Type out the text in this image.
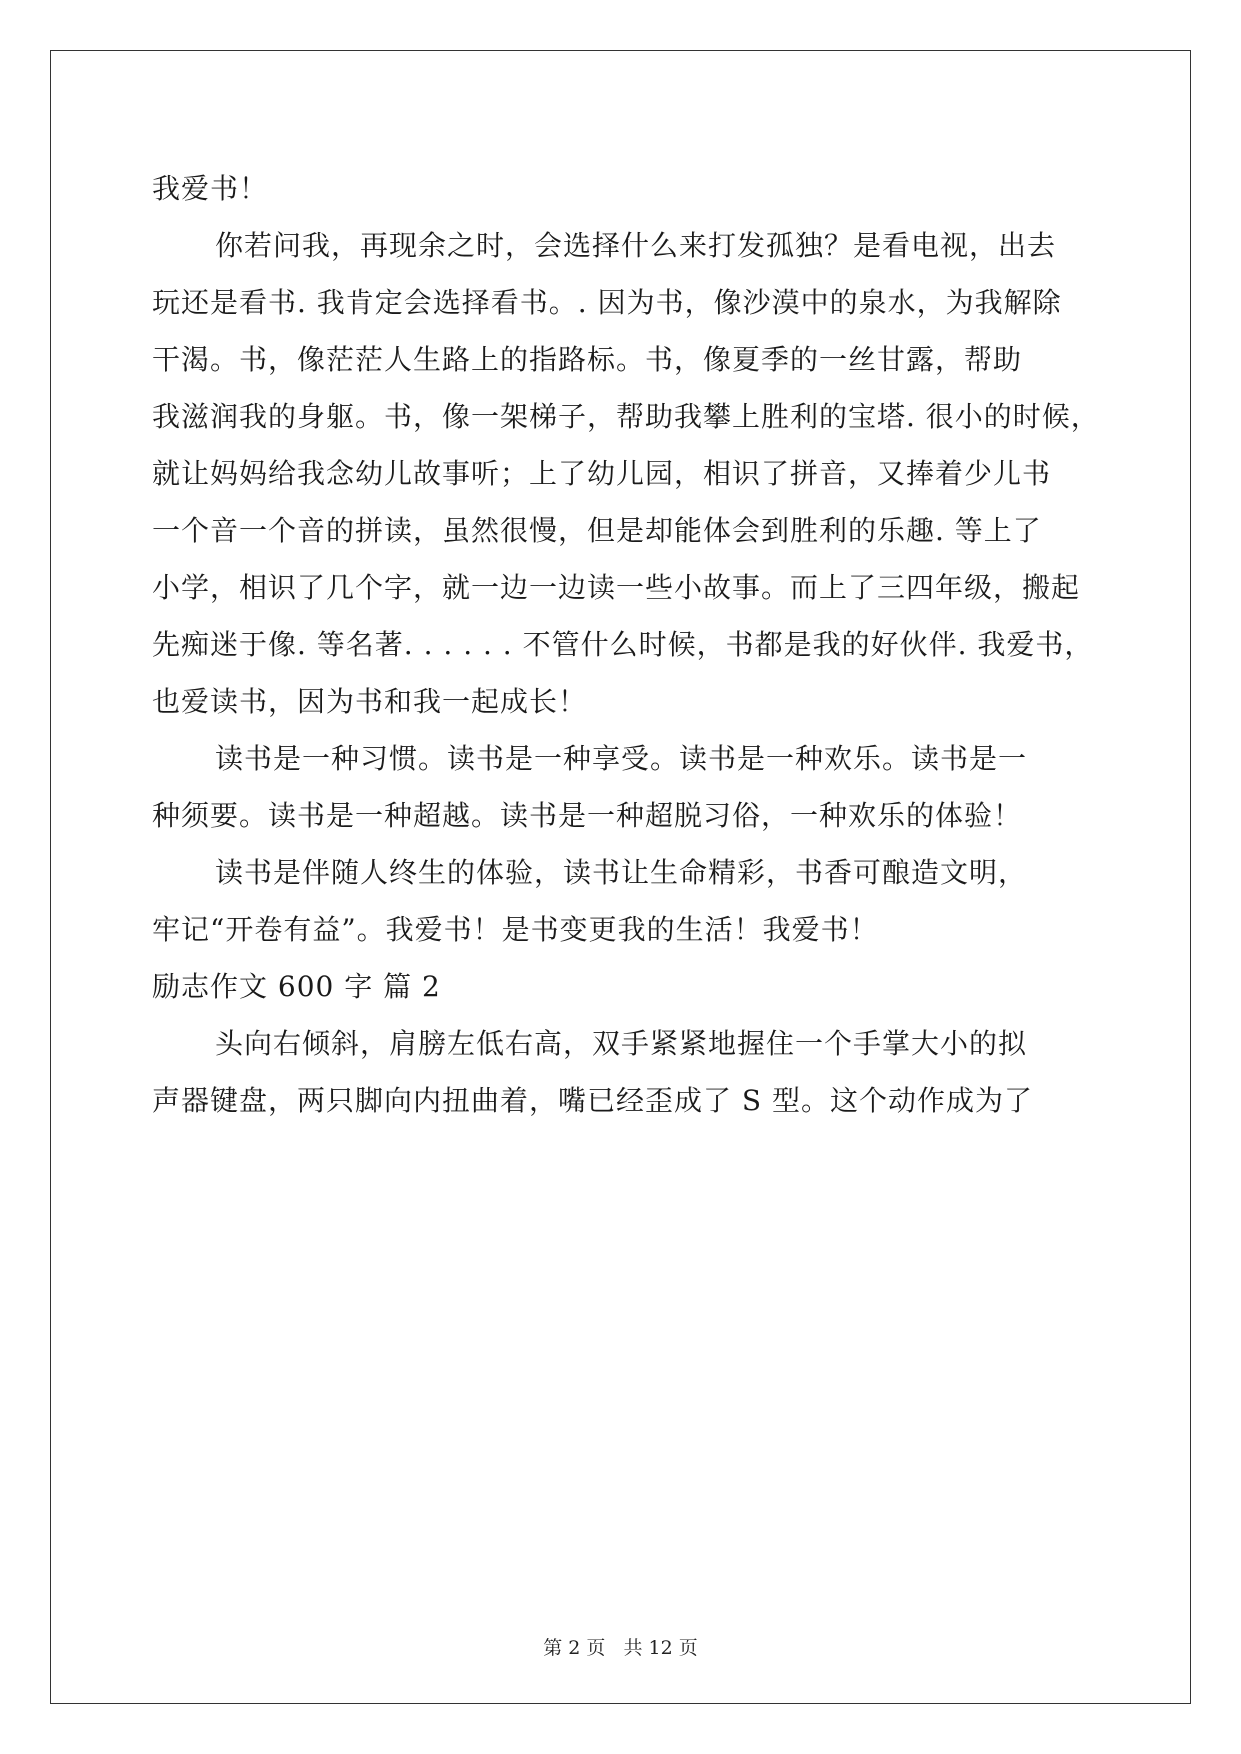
我爱书！
你若问我，再现余之时，会选择什么来打发孤独？是看电视，出去
玩还是看书. 我肯定会选择看书。. 因为书，像沙漠中的泉水，为我解除
干渴。书，像茫茫人生路上的指路标。书，像夏季的一丝甘露，帮助
我滋润我的身躯。书，像一架梯子，帮助我攀上胜利的宝塔. 很小的时候，
就让妈妈给我念幼儿故事听；上了幼儿园，相识了拼音，又捧着少儿书
一个音一个音的拼读，虽然很慢，但是却能体会到胜利的乐趣. 等上了
小学，相识了几个字，就一边一边读一些小故事。而上了三四年级，搬起
先痴迷于像. 等名著. . . . . . 不管什么时候，书都是我的好伙伴. 我爱书，
也爱读书，因为书和我一起成长！
读书是一种习惯。读书是一种享受。读书是一种欢乐。读书是一
种须要。读书是一种超越。读书是一种超脱习俗，一种欢乐的体验！
读书是伴随人终生的体验，读书让生命精彩，书香可酿造文明，
牢记“开卷有益”。我爱书！是书变更我的生活！我爱书！
励志作文 600 字 篇 2
头向右倾斜，肩膀左低右高，双手紧紧地握住一个手掌大小的拟
声器键盘，两只脚向内扭曲着，嘴已经歪成了 S 型。这个动作成为了
第 2 页 共 12 页
